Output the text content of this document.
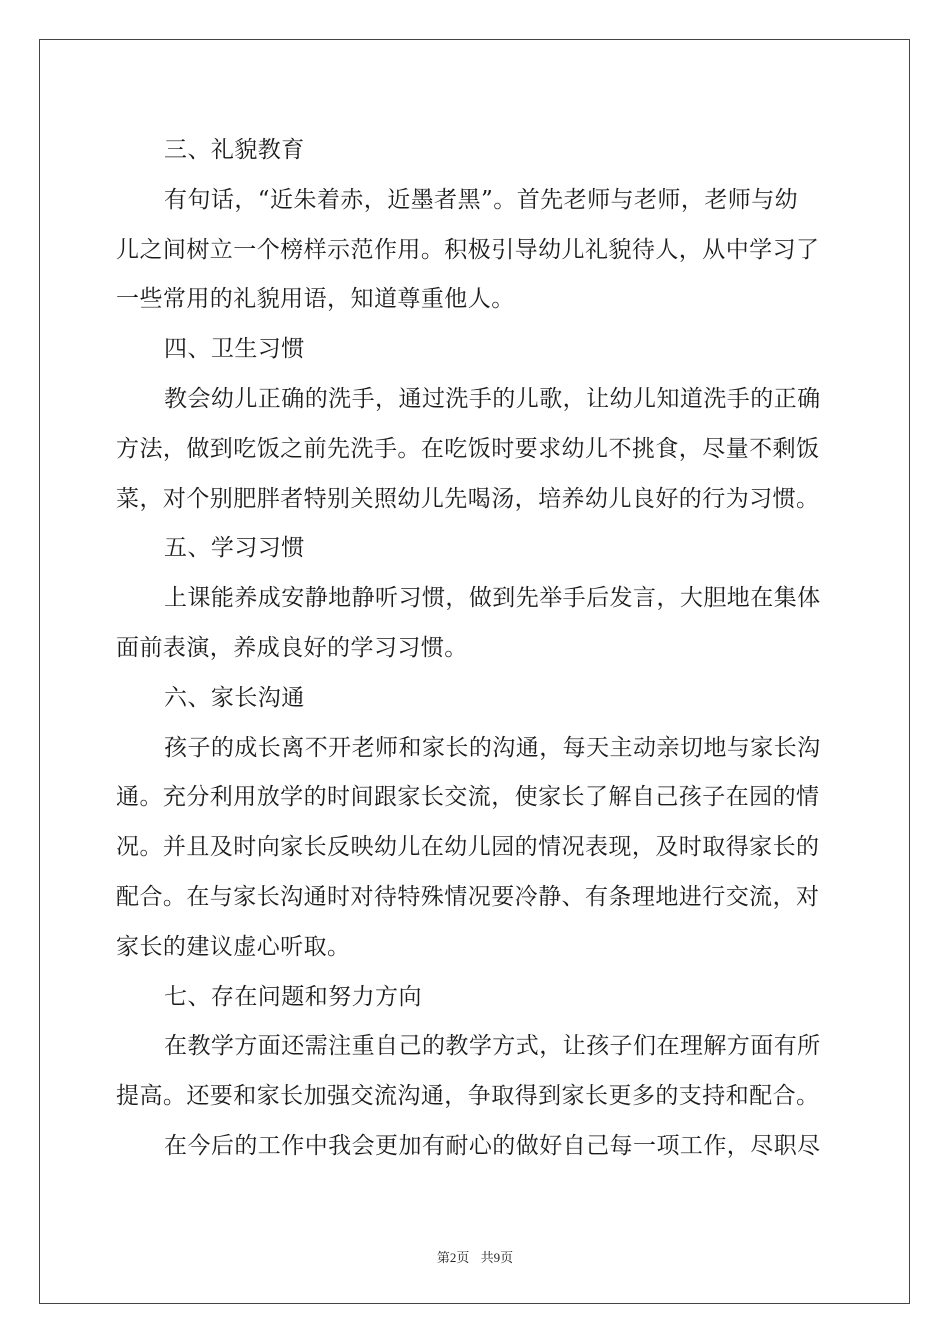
三、礼貌教育
有句话，“近朱着赤，近墨者黑”。首先老师与老师，老师与幼
儿之间树立一个榜样示范作用。积极引导幼儿礼貌待人，从中学习了
一些常用的礼貌用语，知道尊重他人。
四、卫生习惯
教会幼儿正确的洗手，通过洗手的儿歌，让幼儿知道洗手的正确
方法，做到吃饭之前先洗手。在吃饭时要求幼儿不挑食，尽量不剩饭
菜，对个别肥胖者特别关照幼儿先喝汤，培养幼儿良好的行为习惯。
五、学习习惯
上课能养成安静地静听习惯，做到先举手后发言，大胆地在集体
面前表演，养成良好的学习习惯。
六、家长沟通
孩子的成长离不开老师和家长的沟通，每天主动亲切地与家长沟
通。充分利用放学的时间跟家长交流，使家长了解自己孩子在园的情
况。并且及时向家长反映幼儿在幼儿园的情况表现，及时取得家长的
配合。在与家长沟通时对待特殊情况要冷静、有条理地进行交流，对
家长的建议虚心听取。
七、存在问题和努力方向
在教学方面还需注重自己的教学方式，让孩子们在理解方面有所
提高。还要和家长加强交流沟通，争取得到家长更多的支持和配合。
在今后的工作中我会更加有耐心的做好自己每一项工作，尽职尽
第2页 共9页
